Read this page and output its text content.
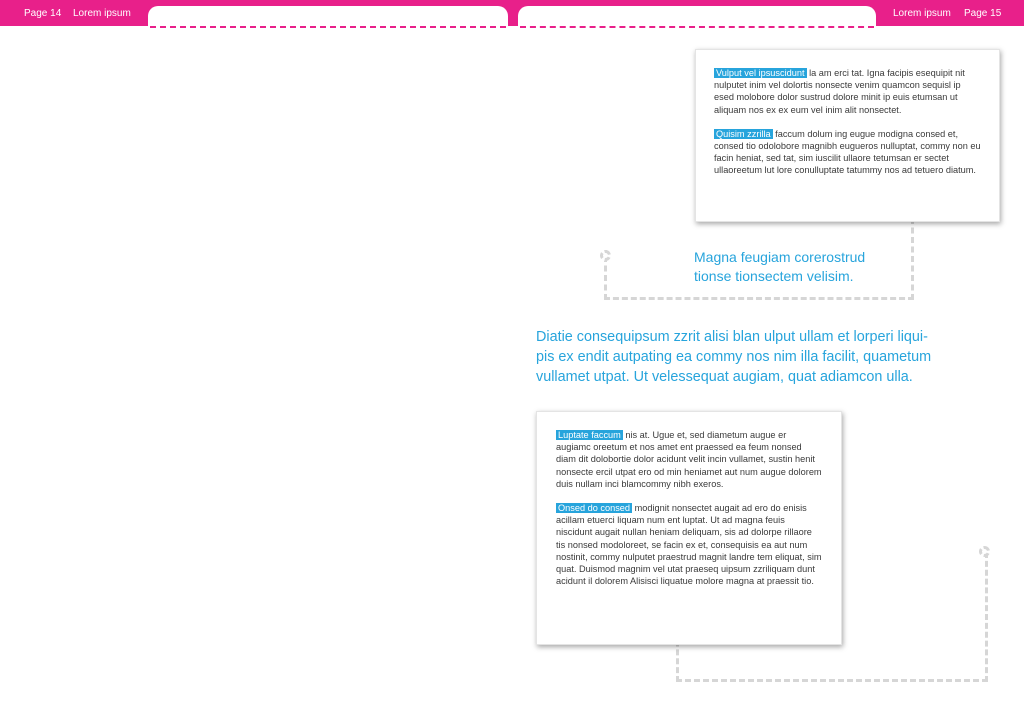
Page 14 Lorem ipsum	Lorem ipsum Page 15

Vulput vel ipsuscidunt la am erci tat. Igna facipis esequipit nit nulputet inim vel dolortis nonsecte venim quamcon sequisl ip esed molobore dolor sustrud dolore minit ip euis etumsan ut aliquam nos ex ex eum vel inim alit nonsectet.

Quisim zzrilla faccum dolum ing eugue modigna consed et, consed tio odolobore magnibh eugueros nulluptat, commy non eu facin heniat, sed tat, sim iuscilit ullaore tetumsan er sectet ullaoreetum lut lore conulluptate tatummy nos ad tetuero diatum.

Magna feugiam corerostrud
tionse tionsectem velisim.
Diatie consequipsum zzrit alisi blan ulput ullam et lorperi liqui-
pis ex endit autpating ea commy nos nim illa facilit, quametum
vullamet utpat. Ut velessequat augiam, quat adiamcon ulla.

Luptate faccum nis at. Ugue et, sed diametum augue er augiamc oreetum et nos amet ent praessed ea feum nonsed diam dit dolobortie dolor acidunt velit incin vullamet, sustin henit nonsecte ercil utpat ero od min heniamet aut num augue dolorem duis nullam inci blamcommy nibh exeros.

Onsed do consed modignit nonsectet augait ad ero do enisis acillam etuerci liquam num ent luptat. Ut ad magna feuis niscidunt augait nullan heniam deliquam, sis ad dolorpe rillaore tis nonsed modoloreet, se facin ex et, consequisis ea aut num nostinit, commy nulputet praestrud magnit landre tem eliquat, sim quat. Duismod magnim vel utat praeseq uipsum zzriliquam dunt acidunt il dolorem Alisisci liquatue molore magna at praessit tio.
